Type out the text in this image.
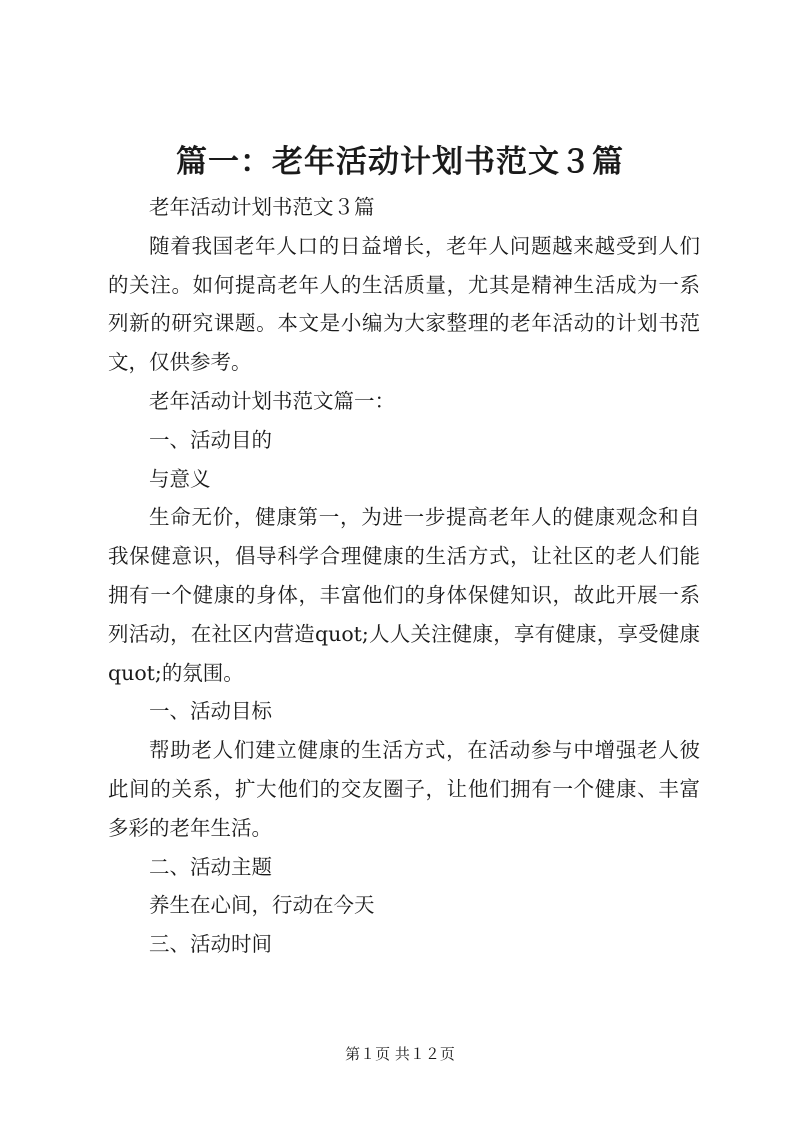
篇一：老年活动计划书范文３篇

老年活动计划书范文３篇

随着我国老年人口的日益增长，老年人问题越来越受到人们的关注。如何提高老年人的生活质量，尤其是精神生活成为一系列新的研究课题。本文是小编为大家整理的老年活动的计划书范文，仅供参考。

老年活动计划书范文篇一：

一、活动目的

与意义

生命无价，健康第一，为进一步提高老年人的健康观念和自我保健意识，倡导科学合理健康的生活方式，让社区的老人们能拥有一个健康的身体，丰富他们的身体保健知识，故此开展一系列活动，在社区内营造quot;人人关注健康，享有健康，享受健康quot;的氛围。

一、活动目标

帮助老人们建立健康的生活方式，在活动参与中增强老人彼此间的关系，扩大他们的交友圈子，让他们拥有一个健康、丰富多彩的老年生活。

二、活动主题

养生在心间，行动在今天

三、活动时间

第１页 共１２页
